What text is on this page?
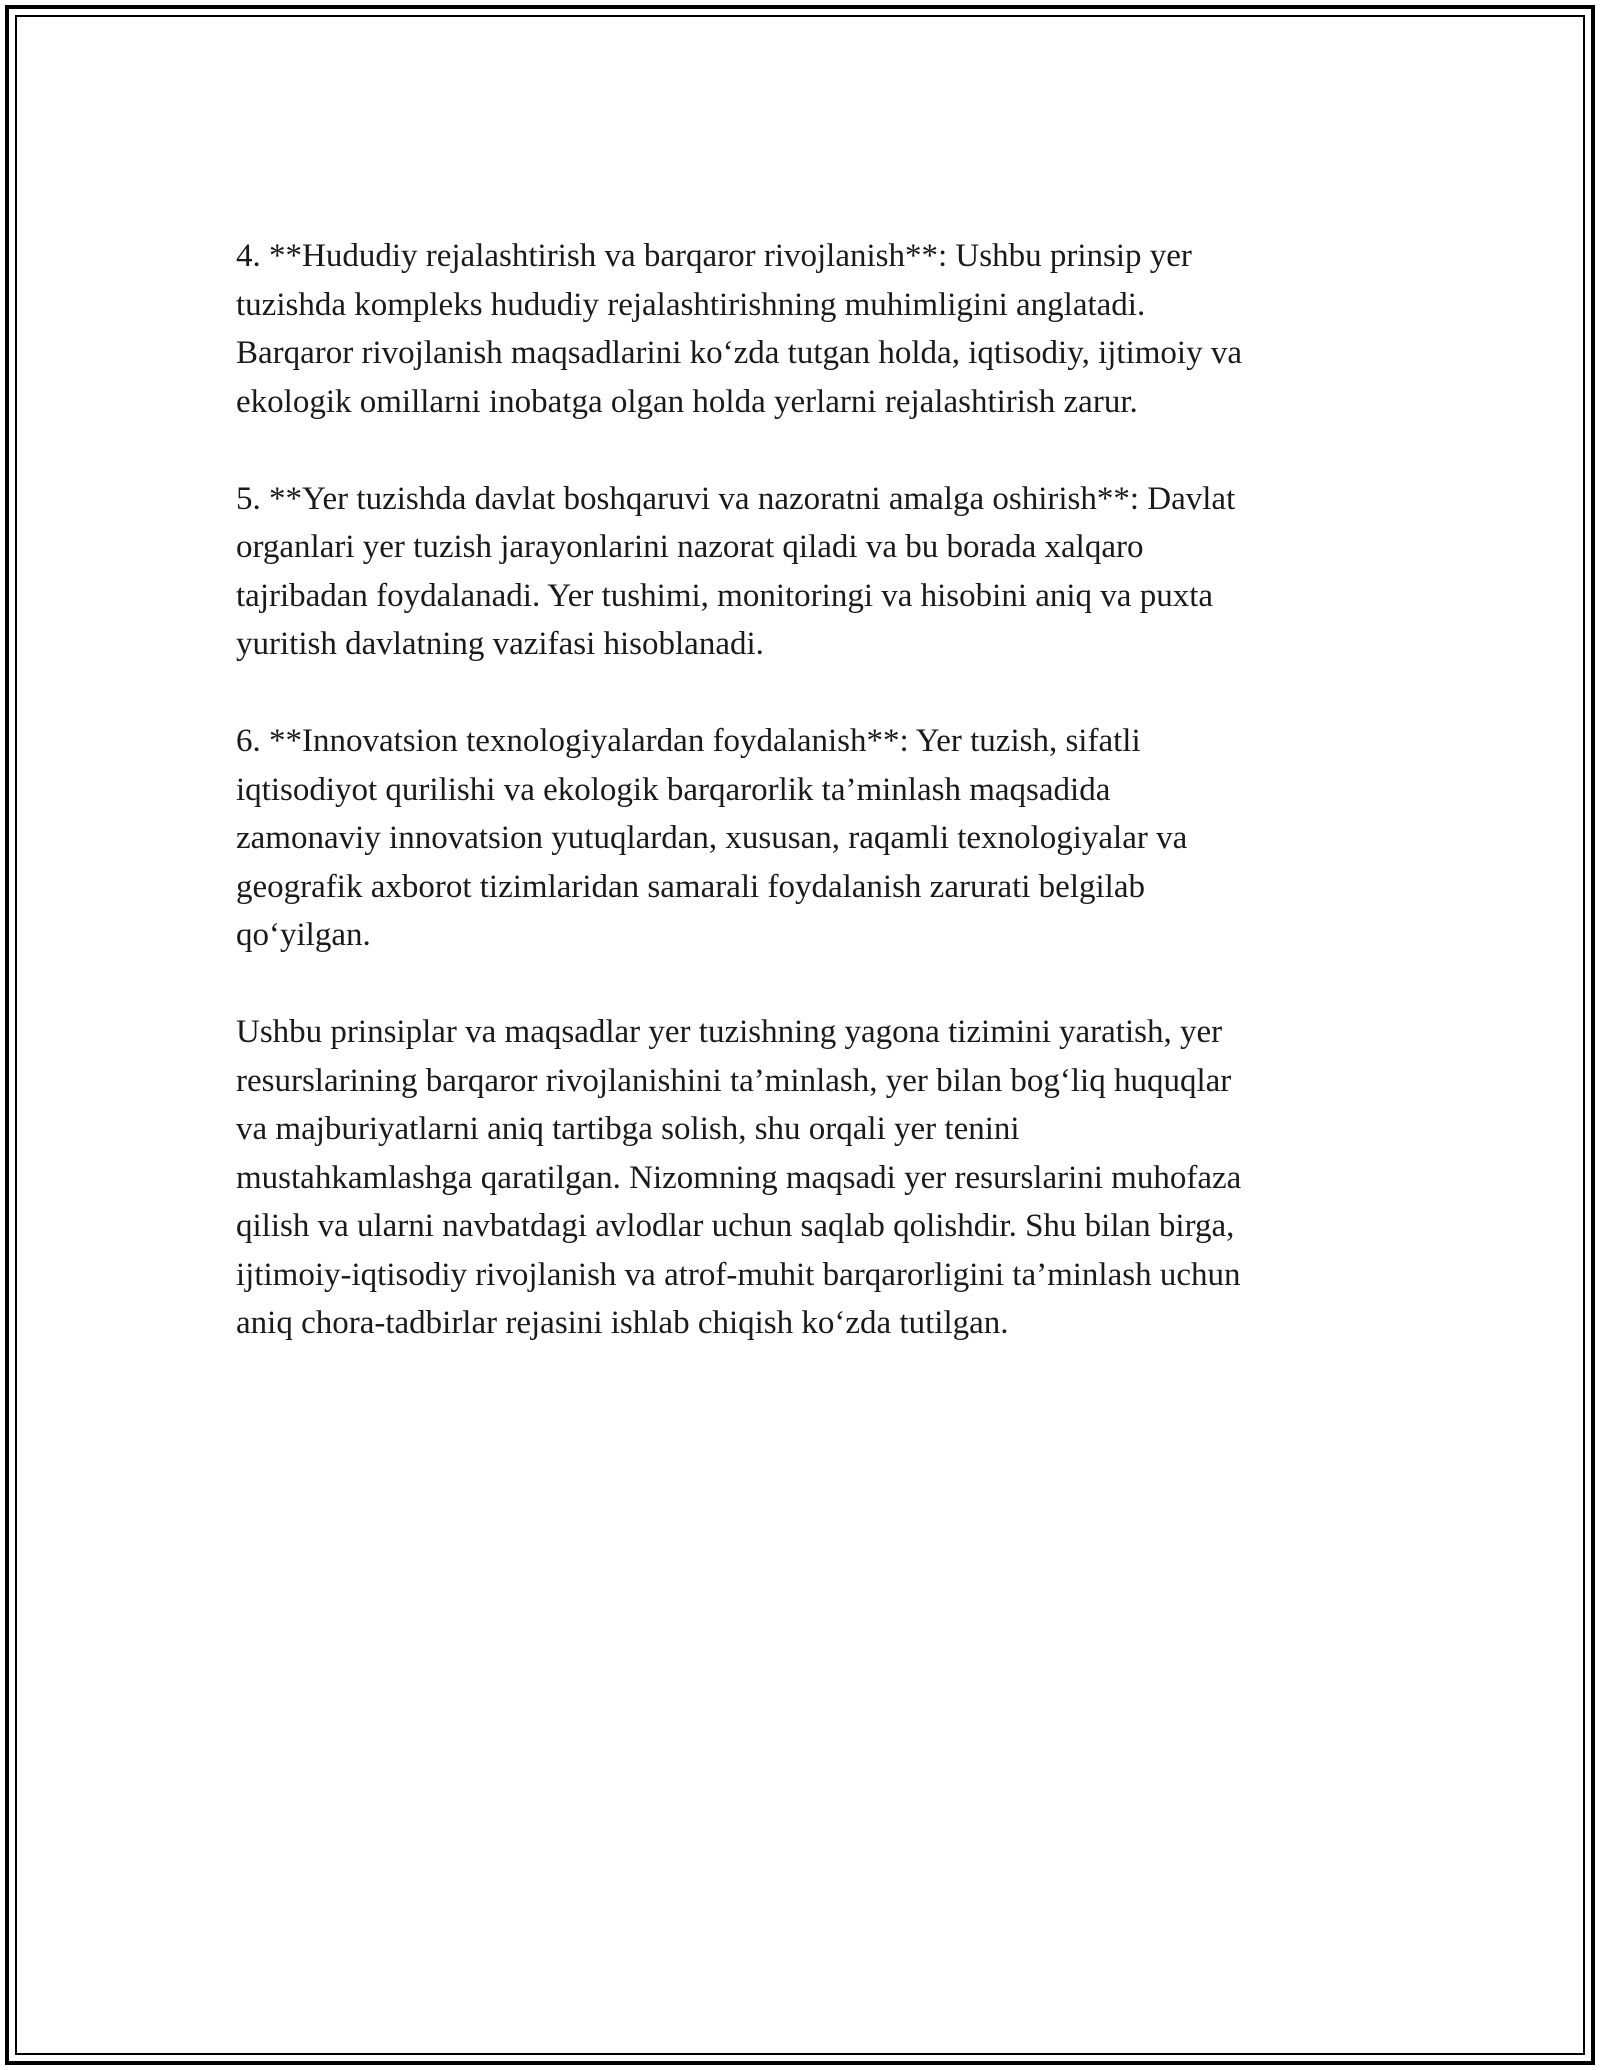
4. **Hududiy rejalashtirish va barqaror rivojlanish**: Ushbu prinsip yer
tuzishda kompleks hududiy rejalashtirishning muhimligini anglatadi.
Barqaror rivojlanish maqsadlarini ko‘zda tutgan holda, iqtisodiy, ijtimoiy va
ekologik omillarni inobatga olgan holda yerlarni rejalashtirish zarur.

5. **Yer tuzishda davlat boshqaruvi va nazoratni amalga oshirish**: Davlat
organlari yer tuzish jarayonlarini nazorat qiladi va bu borada xalqaro
tajribadan foydalanadi. Yer tushimi, monitoringi va hisobini aniq va puxta
yuritish davlatning vazifasi hisoblanadi.

6. **Innovatsion texnologiyalardan foydalanish**: Yer tuzish, sifatli
iqtisodiyot qurilishi va ekologik barqarorlik ta’minlash maqsadida
zamonaviy innovatsion yutuqlardan, xususan, raqamli texnologiyalar va
geografik axborot tizimlaridan samarali foydalanish zarurati belgilab
qo‘yilgan.

Ushbu prinsiplar va maqsadlar yer tuzishning yagona tizimini yaratish, yer
resurslarining barqaror rivojlanishini ta’minlash, yer bilan bog‘liq huquqlar
va majburiyatlarni aniq tartibga solish, shu orqali yer tenini
mustahkamlashga qaratilgan. Nizomning maqsadi yer resurslarini muhofaza
qilish va ularni navbatdagi avlodlar uchun saqlab qolishdir. Shu bilan birga,
ijtimoiy-iqtisodiy rivojlanish va atrof-muhit barqarorligini ta’minlash uchun
aniq chora-tadbirlar rejasini ishlab chiqish ko‘zda tutilgan.
